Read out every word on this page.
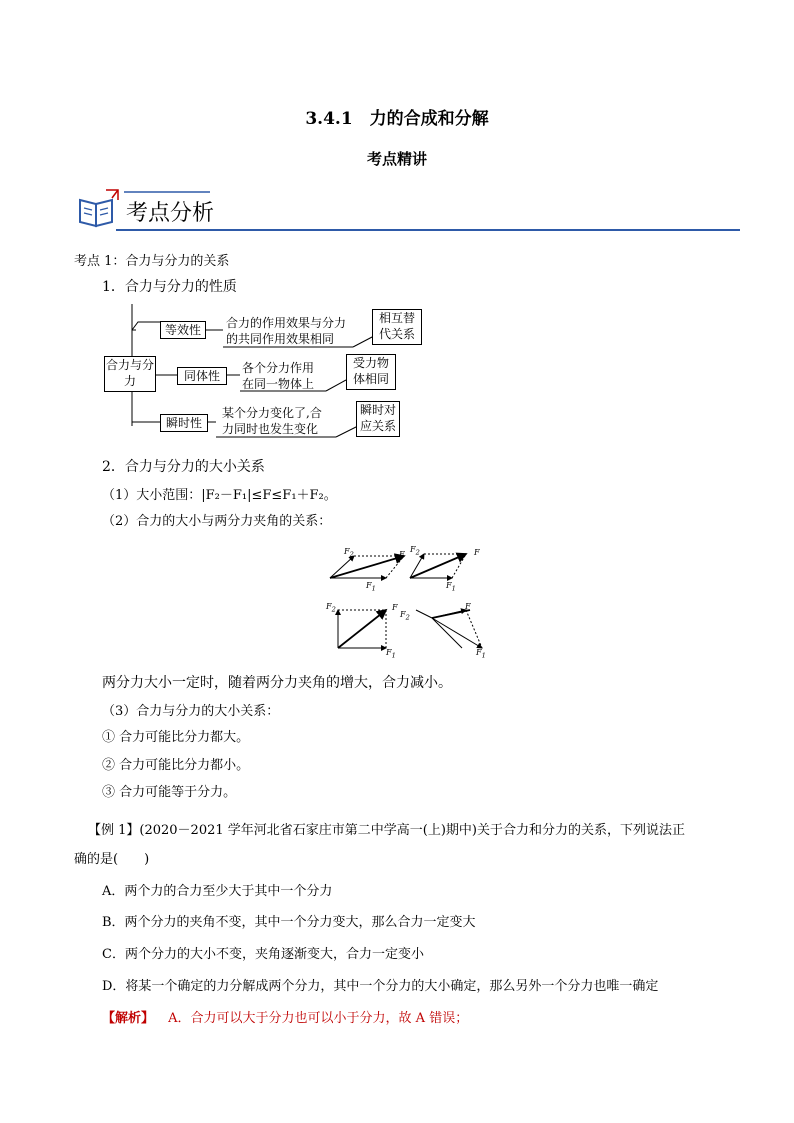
3.4.1　力的合成和分解
考点精讲
考点分析
考点 1：合力与分力的关系
1．合力与分力的性质
合力与分力
等效性	合力的作用效果与分力
的共同作用效果相同
相互替
代关系
同体性
各个分力作用
在同一物体上
受力物
体相同
瞬时性
某个分力变化了,合
力同时也发生变化
瞬时对
应关系
2．合力与分力的大小关系
（1）大小范围：|F₂－F₁|≤F≤F₁＋F₂。
（2）合力的大小与两分力夹角的关系：
$F_2$	F
$F_1$
$F_2$	F
$F_1$
$F_2$	F
$F_1$
$F_2$
F
$F_1$
两分力大小一定时，随着两分力夹角的增大，合力减小。
（3）合力与分力的大小关系：
① 合力可能比分力都大。
② 合力可能比分力都小。
③ 合力可能等于分力。
【例 1】(2020－2021 学年河北省石家庄市第二中学高一(上)期中)关于合力和分力的关系，下列说法正
确的是(　　)
A．两个力的合力至少大于其中一个分力
B．两个分力的夹角不变，其中一个分力变大，那么合力一定变大
C．两个分力的大小不变，夹角逐渐变大，合力一定变小
D．将某一个确定的力分解成两个分力，其中一个分力的大小确定，那么另外一个分力也唯一确定
【解析】 A．合力可以大于分力也可以小于分力，故 A 错误；
